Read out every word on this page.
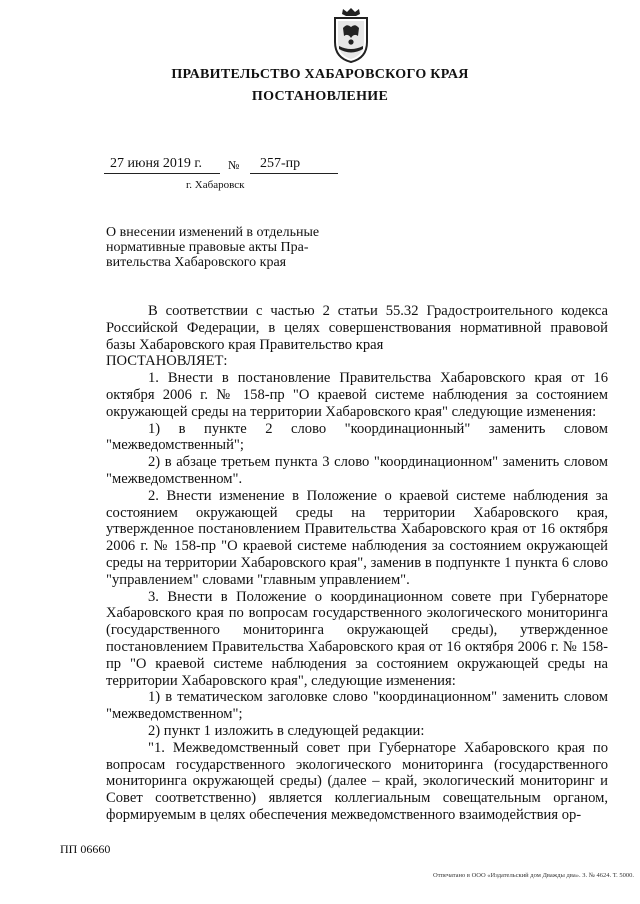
ПРАВИТЕЛЬСТВО ХАБАРОВСКОГО КРАЯ
ПОСТАНОВЛЕНИЕ
27 июня 2019 г. № 257-пр
г. Хабаровск
О внесении изменений в отдельные
нормативные правовые акты Пра-
вительства Хабаровского края
В соответствии с частью 2 статьи 55.32 Градостроительного кодекса Российской Федерации, в целях совершенствования нормативной правовой базы Хабаровского края Правительство края
ПОСТАНОВЛЯЕТ:
1. Внести в постановление Правительства Хабаровского края от 16 октября 2006 г. № 158-пр "О краевой системе наблюдения за состоянием окружающей среды на территории Хабаровского края" следующие изменения:
1) в пункте 2 слово "координационный" заменить словом "межведомственный";
2) в абзаце третьем пункта 3 слово "координационном" заменить словом "межведомственном".
2. Внести изменение в Положение о краевой системе наблюдения за состоянием окружающей среды на территории Хабаровского края, утвержденное постановлением Правительства Хабаровского края от 16 октября 2006 г. № 158-пр "О краевой системе наблюдения за состоянием окружающей среды на территории Хабаровского края", заменив в подпункте 1 пункта 6 слово "управлением" словами "главным управлением".
3. Внести в Положение о координационном совете при Губернаторе Хабаровского края по вопросам государственного экологического мониторинга (государственного мониторинга окружающей среды), утвержденное постановлением Правительства Хабаровского края от 16 октября 2006 г. № 158-пр "О краевой системе наблюдения за состоянием окружающей среды на территории Хабаровского края", следующие изменения:
1) в тематическом заголовке слово "координационном" заменить словом "межведомственном";
2) пункт 1 изложить в следующей редакции:
"1. Межведомственный совет при Губернаторе Хабаровского края по вопросам государственного экологического мониторинга (государственного мониторинга окружающей среды) (далее – край, экологический мониторинг и Совет соответственно) является коллегиальным совещательным органом, формируемым в целях обеспечения межведомственного взаимодействия ор-
ПП 06660
Отпечатано в ООО «Издательский дом Дважды два». З. № 4624. Т. 5000.
